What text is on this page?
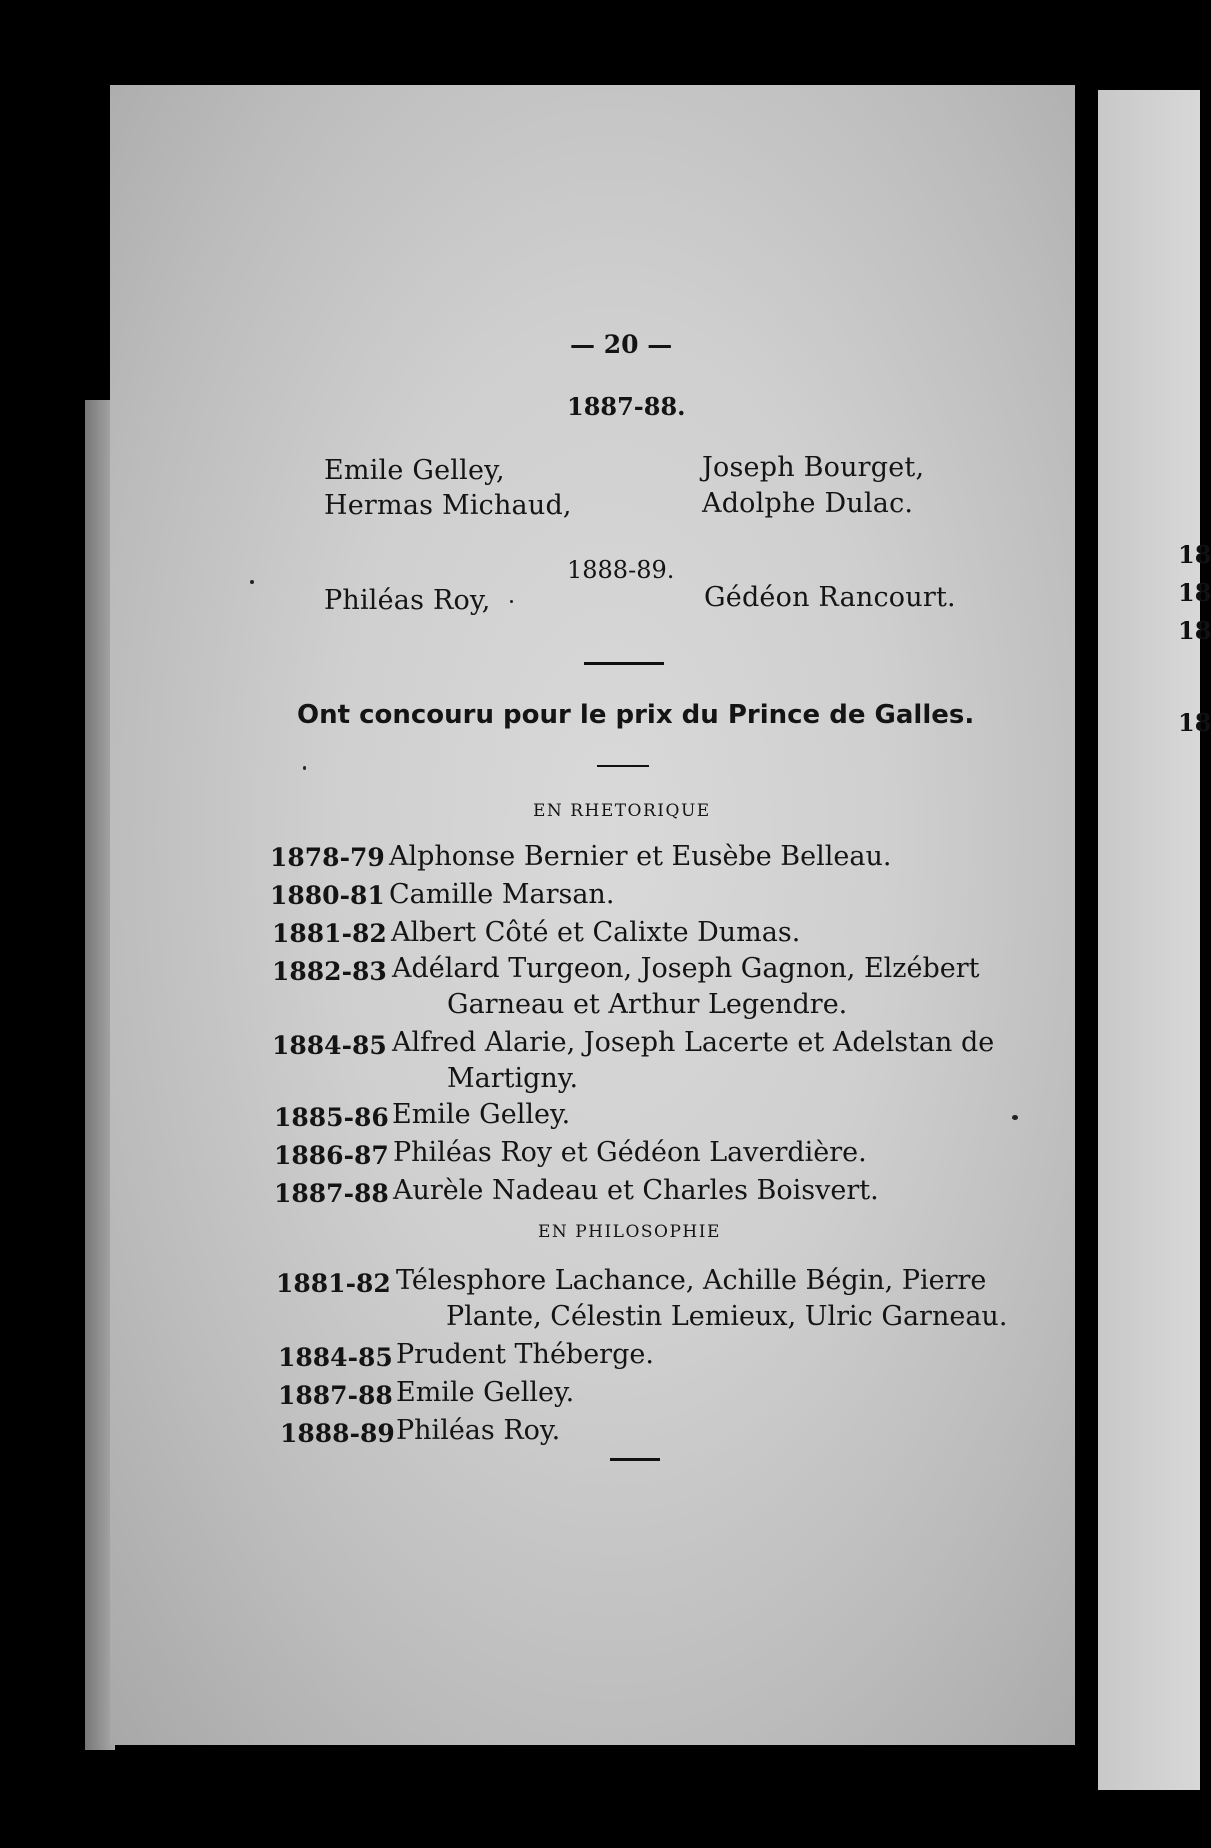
18
18
18
18
— 20 —
1887-88.
Emile Gelley,
Hermas Michaud,
Joseph Bourget,
Adolphe Dulac.
1888-89.
Philéas Roy,	Gédéon Rancourt.
Ont concouru pour le prix du Prince de Galles.
EN RHETORIQUE
1878-79 Alphonse Bernier et Eusèbe Belleau.
1880-81 Camille Marsan.
1881-82 Albert Côté et Calixte Dumas.
1882-83 Adélard Turgeon, Joseph Gagnon, Elzébert
Garneau et Arthur Legendre.
1884-85 Alfred Alarie, Joseph Lacerte et Adelstan de
Martigny.
1885-86 Emile Gelley.
1886-87 Philéas Roy et Gédéon Laverdière.
1887-88 Aurèle Nadeau et Charles Boisvert.
EN PHILOSOPHIE
1881-82 Télesphore Lachance, Achille Bégin, Pierre
Plante, Célestin Lemieux, Ulric Garneau.
1884-85 Prudent Théberge.
1887-88 Emile Gelley.
1888-89 Philéas Roy.
